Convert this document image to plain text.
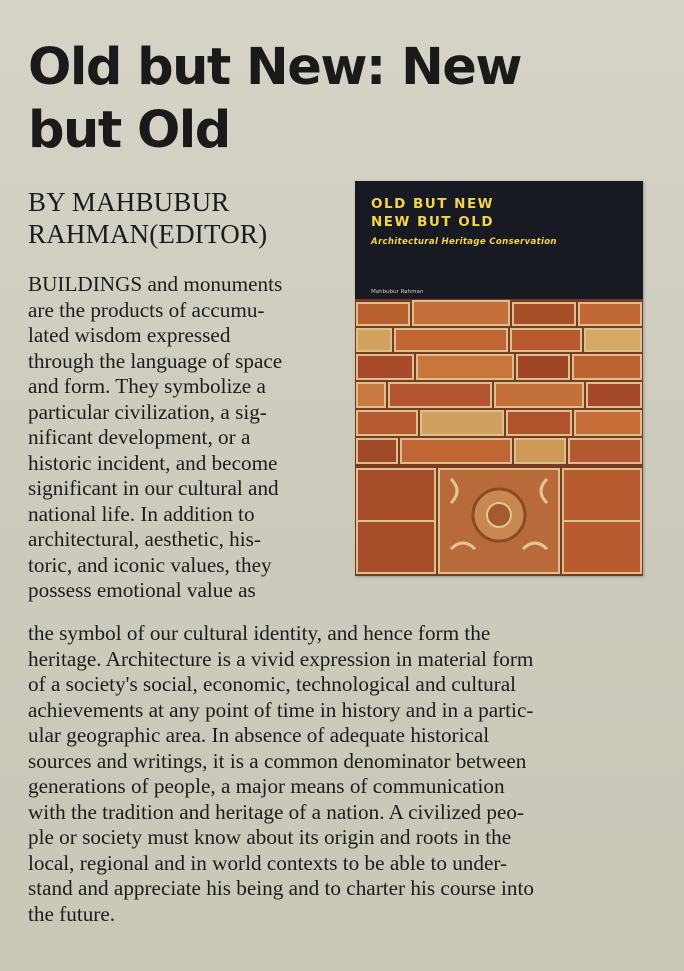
Old but New: New
but Old

BY MAHBUBUR
RAHMAN(EDITOR)

BUILDINGS and monuments
are the products of accumu-
lated wisdom expressed
through the language of space
and form. They symbolize a
particular civilization, a sig-
nificant development, or a
historic incident, and become
significant in our cultural and
national life. In addition to
architectural, aesthetic, his-
toric, and iconic values, they
possess emotional value as
the symbol of our cultural identity, and hence form the
heritage. Architecture is a vivid expression in material form
of a society's social, economic, technological and cultural
achievements at any point of time in history and in a partic-
ular geographic area. In absence of adequate historical
sources and writings, it is a common denominator between
generations of people, a major means of communication
with the tradition and heritage of a nation. A civilized peo-
ple or society must know about its origin and roots in the
local, regional and in world contexts to be able to under-
stand and appreciate his being and to charter his course into
the future.
OLD BUT NEW
NEW BUT OLD
Architectural Heritage Conservation
Mahbubur Rahman
